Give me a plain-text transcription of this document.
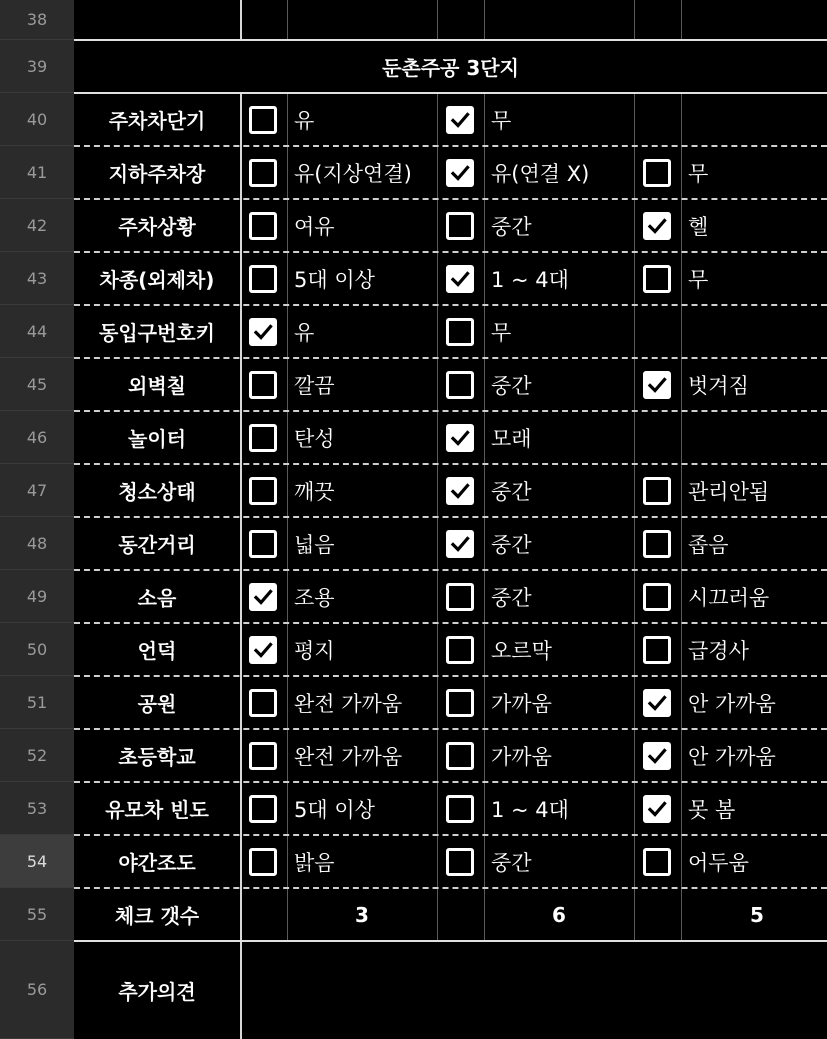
38
39
40
41
42
43
44
45
46
47
48
49
50
51
52
53
54
55
56
둔촌주공 3단지
주차차단기	유	무
지하주차장	유(지상연결)	유(연결 X)	무
주차상황	여유	중간	헬
차종(외제차)	5대 이상	1 ~ 4대	무
동입구번호키	유	무
외벽칠	깔끔	중간	벗겨짐
놀이터	탄성	모래
청소상태	깨끗	중간	관리안됨
동간거리	넓음	중간	좁음
소음	조용	중간	시끄러움
언덕	평지	오르막	급경사
공원	완전 가까움	가까움	안 가까움
초등학교	완전 가까움	가까움	안 가까움
유모차 빈도	5대 이상	1 ~ 4대	못 봄
야간조도	밝음	중간	어두움
체크 갯수	3	6	5
추가의견
